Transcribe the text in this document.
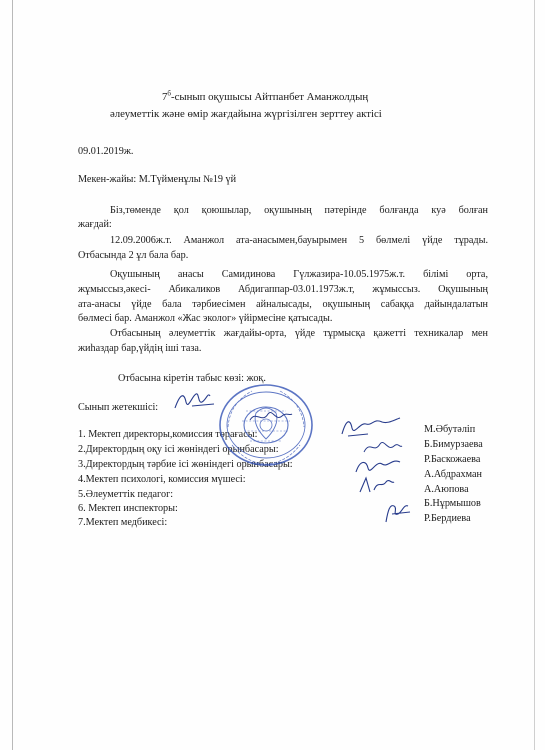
$7^б$-сынып оқушысы Айтпанбет Аманжолдың
әлеуметтік және өмір жағдайына жүргізілген зерттеу актісі
09.01.2019ж.
Мекен-жайы: М.Түйменұлы №19 үй
Біз,төменде қол қоюшылар, оқушының пәтерінде болғанда куә болған
жағдай:
12.09.2006ж.т. Аманжол ата-анасымен,бауырымен 5 бөлмелі үйде тұрады.
Отбасында 2 ұл бала бар.
Оқушының анасы Самидинова Гүлжазира-10.05.1975ж.т. білімі орта,
жұмыссыз,әкесі- Абикаликов Абдигаппар-03.01.1973ж.т, жұмыссыз. Оқушының
ата-анасы үйде бала тәрбиесімен айналысады, оқушының сабаққа дайындалатын
бөлмесі бар. Аманжол «Жас эколог» үйірмесіне қатысады.
Отбасының әлеуметтік жағдайы-орта, үйде тұрмысқа қажетті техникалар мен
жиһаздар бар,үйдің іші таза.
Отбасына кіретін табыс көзі: жоқ.
Сынып жетекшісі:
1. Мектеп директоры,комиссия төрағасы:
2.Директордың оқу ісі жөніндегі орынбасары:
3.Директордың тәрбие ісі жөніндегі орынбасары:
4.Мектеп психологі, комиссия мүшесі:
5.Әлеуметтік педагог:
6. Мектеп инспекторы:
7.Мектеп медбикесі:
М.Әбутәліп
Б.Бимурзаева
Р.Баскожаева
А.Абдрахман
А.Аюпова
Б.Нұрмышов
Р.Бердиева
